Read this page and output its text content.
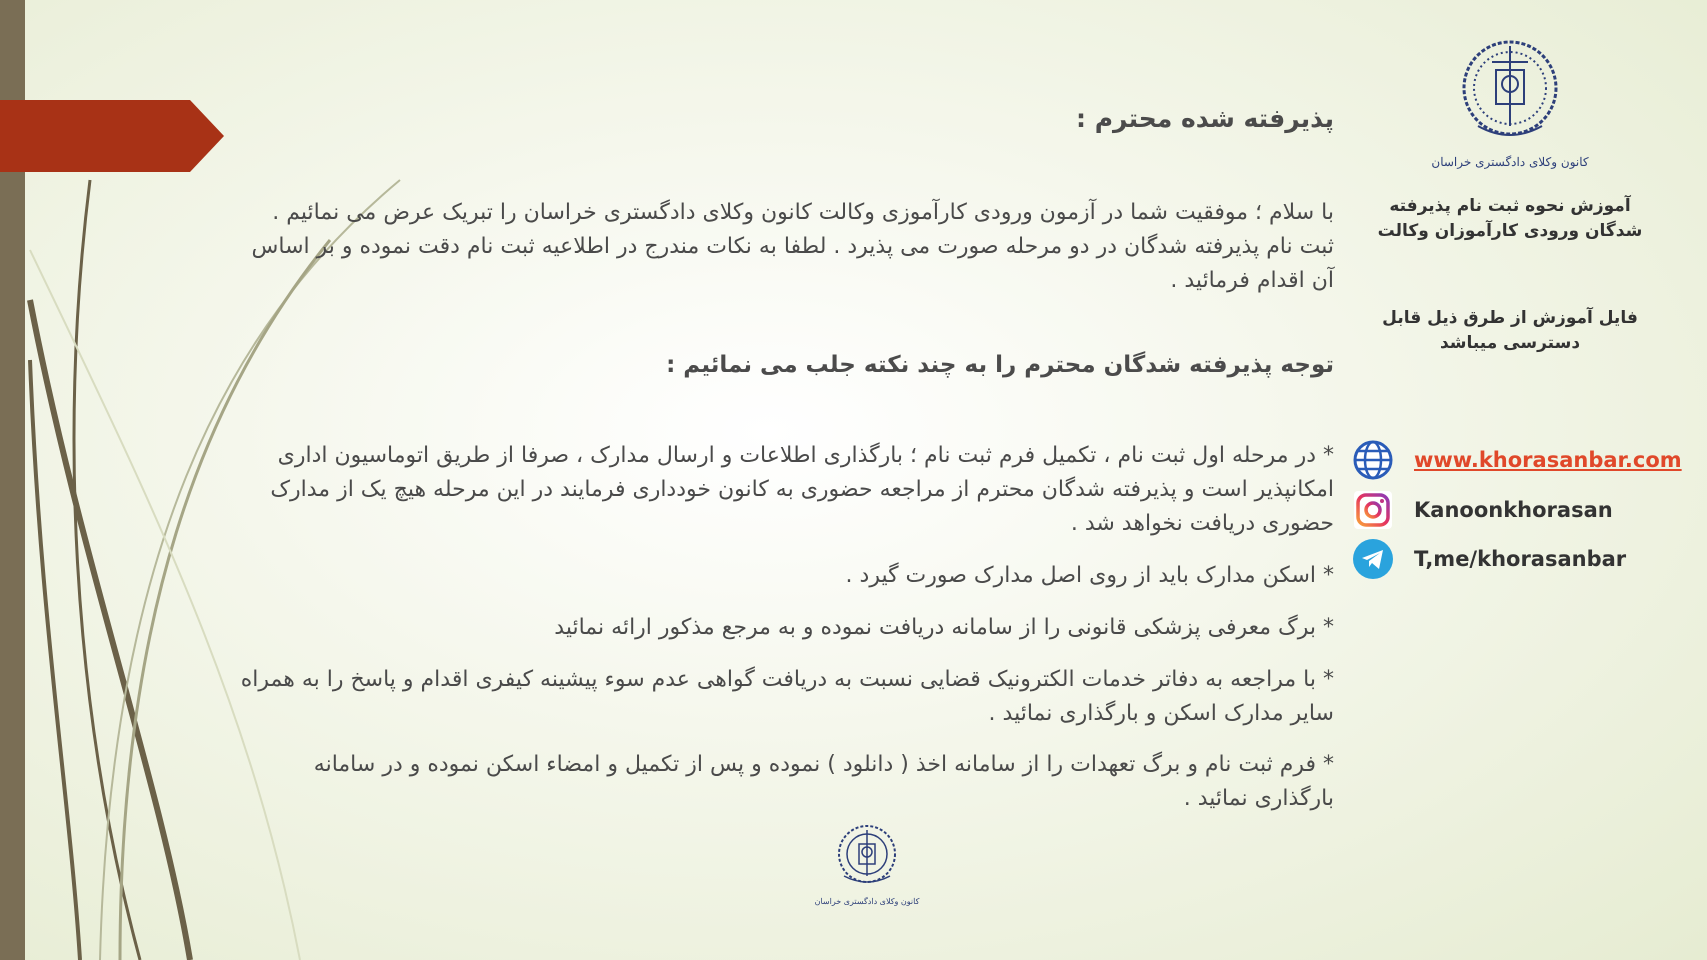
پذیرفته شده محترم :

با سلام ؛ موفقیت شما در آزمون ورودی کارآموزی وکالت کانون وکلای دادگستری خراسان را تبریک عرض می نمائیم . ثبت نام پذیرفته شدگان در دو مرحله صورت می پذیرد . لطفا به نکات مندرج در اطلاعیه ثبت نام دقت نموده و بر اساس آن اقدام فرمائید .

توجه پذیرفته شدگان محترم را به چند نکته جلب می نمائیم :

* در مرحله اول ثبت نام ، تکمیل فرم ثبت نام ؛ بارگذاری اطلاعات و ارسال مدارک ، صرفا از طریق اتوماسیون اداری امکانپذیر است و پذیرفته شدگان محترم از مراجعه حضوری به کانون خودداری فرمایند در این مرحله هیچ یک از مدارک حضوری دریافت نخواهد شد .

* اسکن مدارک باید از روی اصل مدارک صورت گیرد .

* برگ معرفی پزشکی قانونی را از سامانه دریافت نموده و به مرجع مذکور ارائه نمائید

* با مراجعه به دفاتر خدمات الکترونیک قضایی نسبت به دریافت گواهی عدم سوء پیشینه کیفری اقدام و پاسخ را به همراه سایر مدارک اسکن و بارگذاری نمائید .

* فرم ثبت نام و برگ تعهدات را از سامانه اخذ ( دانلود ) نموده و پس از تکمیل و امضاء اسکن نموده و در سامانه بارگذاری نمائید .

کانون وکلای دادگستری خراسان
آموزش نحوه ثبت نام پذیرفته شدگان ورودی کارآموزان وکالت
فایل آموزش از طرق ذیل قابل دسترسی میباشد
www.khorasanbar.com
Kanoonkhorasan
T,me/khorasanbar
کانون وکلای دادگستری خراسان
